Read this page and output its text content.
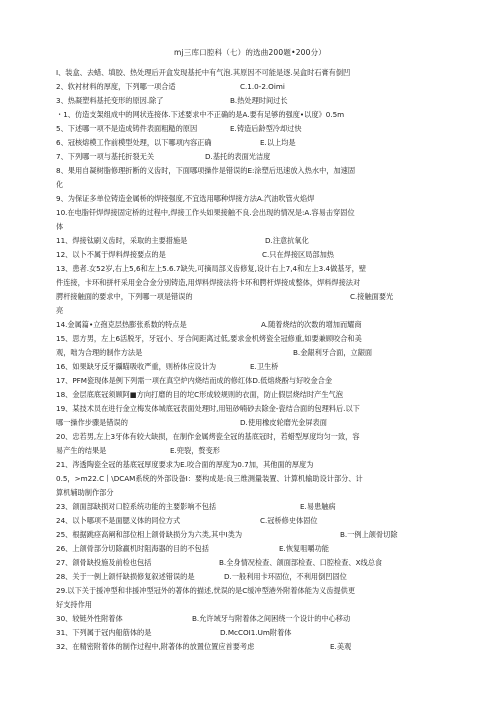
mj三库口腔科（七）的选曲200题•200分）
I、装盒、去蜡、填胶、热处理后开盒发现基托中有气泡.其原因不可能是逐.吴盒时石膏有倒凹
2、软衬材料的厚度，下列哪一项合适	C.1.0-2.Oimi
3、热凝塑料基托变形的原因.除了	B.热处理时间过长
・1、仿造支架组成中的网状连接体.下述要求中不正确的是A.要有足够的强度•以度》0.5m
5、下述哪一项不是造成铸件表面粗糙的原因	E.铸造后龄型冷却过快
6、冠核熔模工作前模型处理，以下哪项内容正确	E.以上均是
7、下列哪一项与基托折裂无关	D.基托的表面光洁度
8、果用自凝树脂修理折断的义齿时，下面哪项操作是错误的E:涂塑后迅速放入热水中，加速固
化
9、为保证多单位铸造金属桥的焊接强度,不宜选用哪种焊接方法A.汽油吹管火焰焊
10.在电脂钎焊焊接固定桥的过程中,焊接工作头如果接触不良.会出现的情况是:A.容易击穿固位
体
11、焊接钛刷义齿时，采取的主要措施是	D.注意抗氧化
12、以卜不属于焊料焊接要点的是	C.只在焊接区局部加热
13、患者.女52岁,右上5,6和左上5.6.7缺失,可摘局部义齿修复,设计右上7,4和左上3.4做基牙，壁
件连接，卡环和拼杆采用金合金分别铸造,用焊料焊接法将卡环和腭杆焊接成整体，焊料焊接法对
腭杆接触面的要求中，下列哪一项是错误的	C.接触面要光
亮
14.金属篇•立孢克层热膨张系数的特点是	A.随着烧结的次数的增加而耀商
15、思方男，左上6活脱牙，牙冠小、牙合间距离过低,要求金机烤瓷全冠修重,如要兼顾咬合和美
观，咄为合理的制作方法是	B.金龈利牙合面，立龈面
16、如果缺牙反牙攝瞄吸收严重，则桥体应设计为	E.卫生桥
17、PFM瓷现体是例下列需一项在真空炉内烧结而成的修红体D.低熔烧酚与好咬金合金
18、金层底底冠须顾阿■方向打磨的目的坨C形成较规则的衣面，防止假层烧结时产生气泡
19、某技术员在进行金立梅发体城底冠表面处理时,用钮砂喃砂去除金-瓷结合面的包理料后.以下
哪一操作步骤是错误的	D.使用橡皮轮磨光金屏表面
20、忠若男,左上3牙体有较大缺损，在制作金属烤瓷全冠的基底冠时，若蜡型厚度均匀一致，容
易产生的结果是	E.兜裂，赘变形
21、涔透陶瓷全冠的基底冠厚度要求为E.咬合面的厚度为0.7加，其他面的厚度为
0.5，>m22.C丨\DCAM系统的外部设备I：要构成是:良三维测量装置、计算机输助设计部分、计
算机辅助制作部分
23、颌面部缺损对口腔系统功能的主要影响不包括	E.易患触病
24、以卜哪项不是面腮义体的同位方式	C.冠桥修史体固位
25、根据跳痉高阐和部位相上颌骨缺损分为六类,其中I类为	B.一例上颌骨切除
26、上颌骨部分切除羸机时阻海器的目的不包括	E.恢复咀嚼功能
27、颌骨缺投施及前检也包括	B.全身情况检查、颌面部检查、口腔检查、X线总食
28、关于一例上颌忏缺损修复叙述错误的是	D.一般利用卡环固位，不利用倒凹固位
29.以下关于援冲型和非援冲型冠外的著体的描述,恍误的是C缓冲型港外附着体能为义齿提供更
好支持作用
30、较链外性附着体	B.允许域牙与附着体之间困绕一个设计的中心移动
31、下列属于冠内船筋体的是	D.McCOI1.Um附着体
32、在精密附着体的制作过程中,附著体的放置位置应首要考虑	E.美观
